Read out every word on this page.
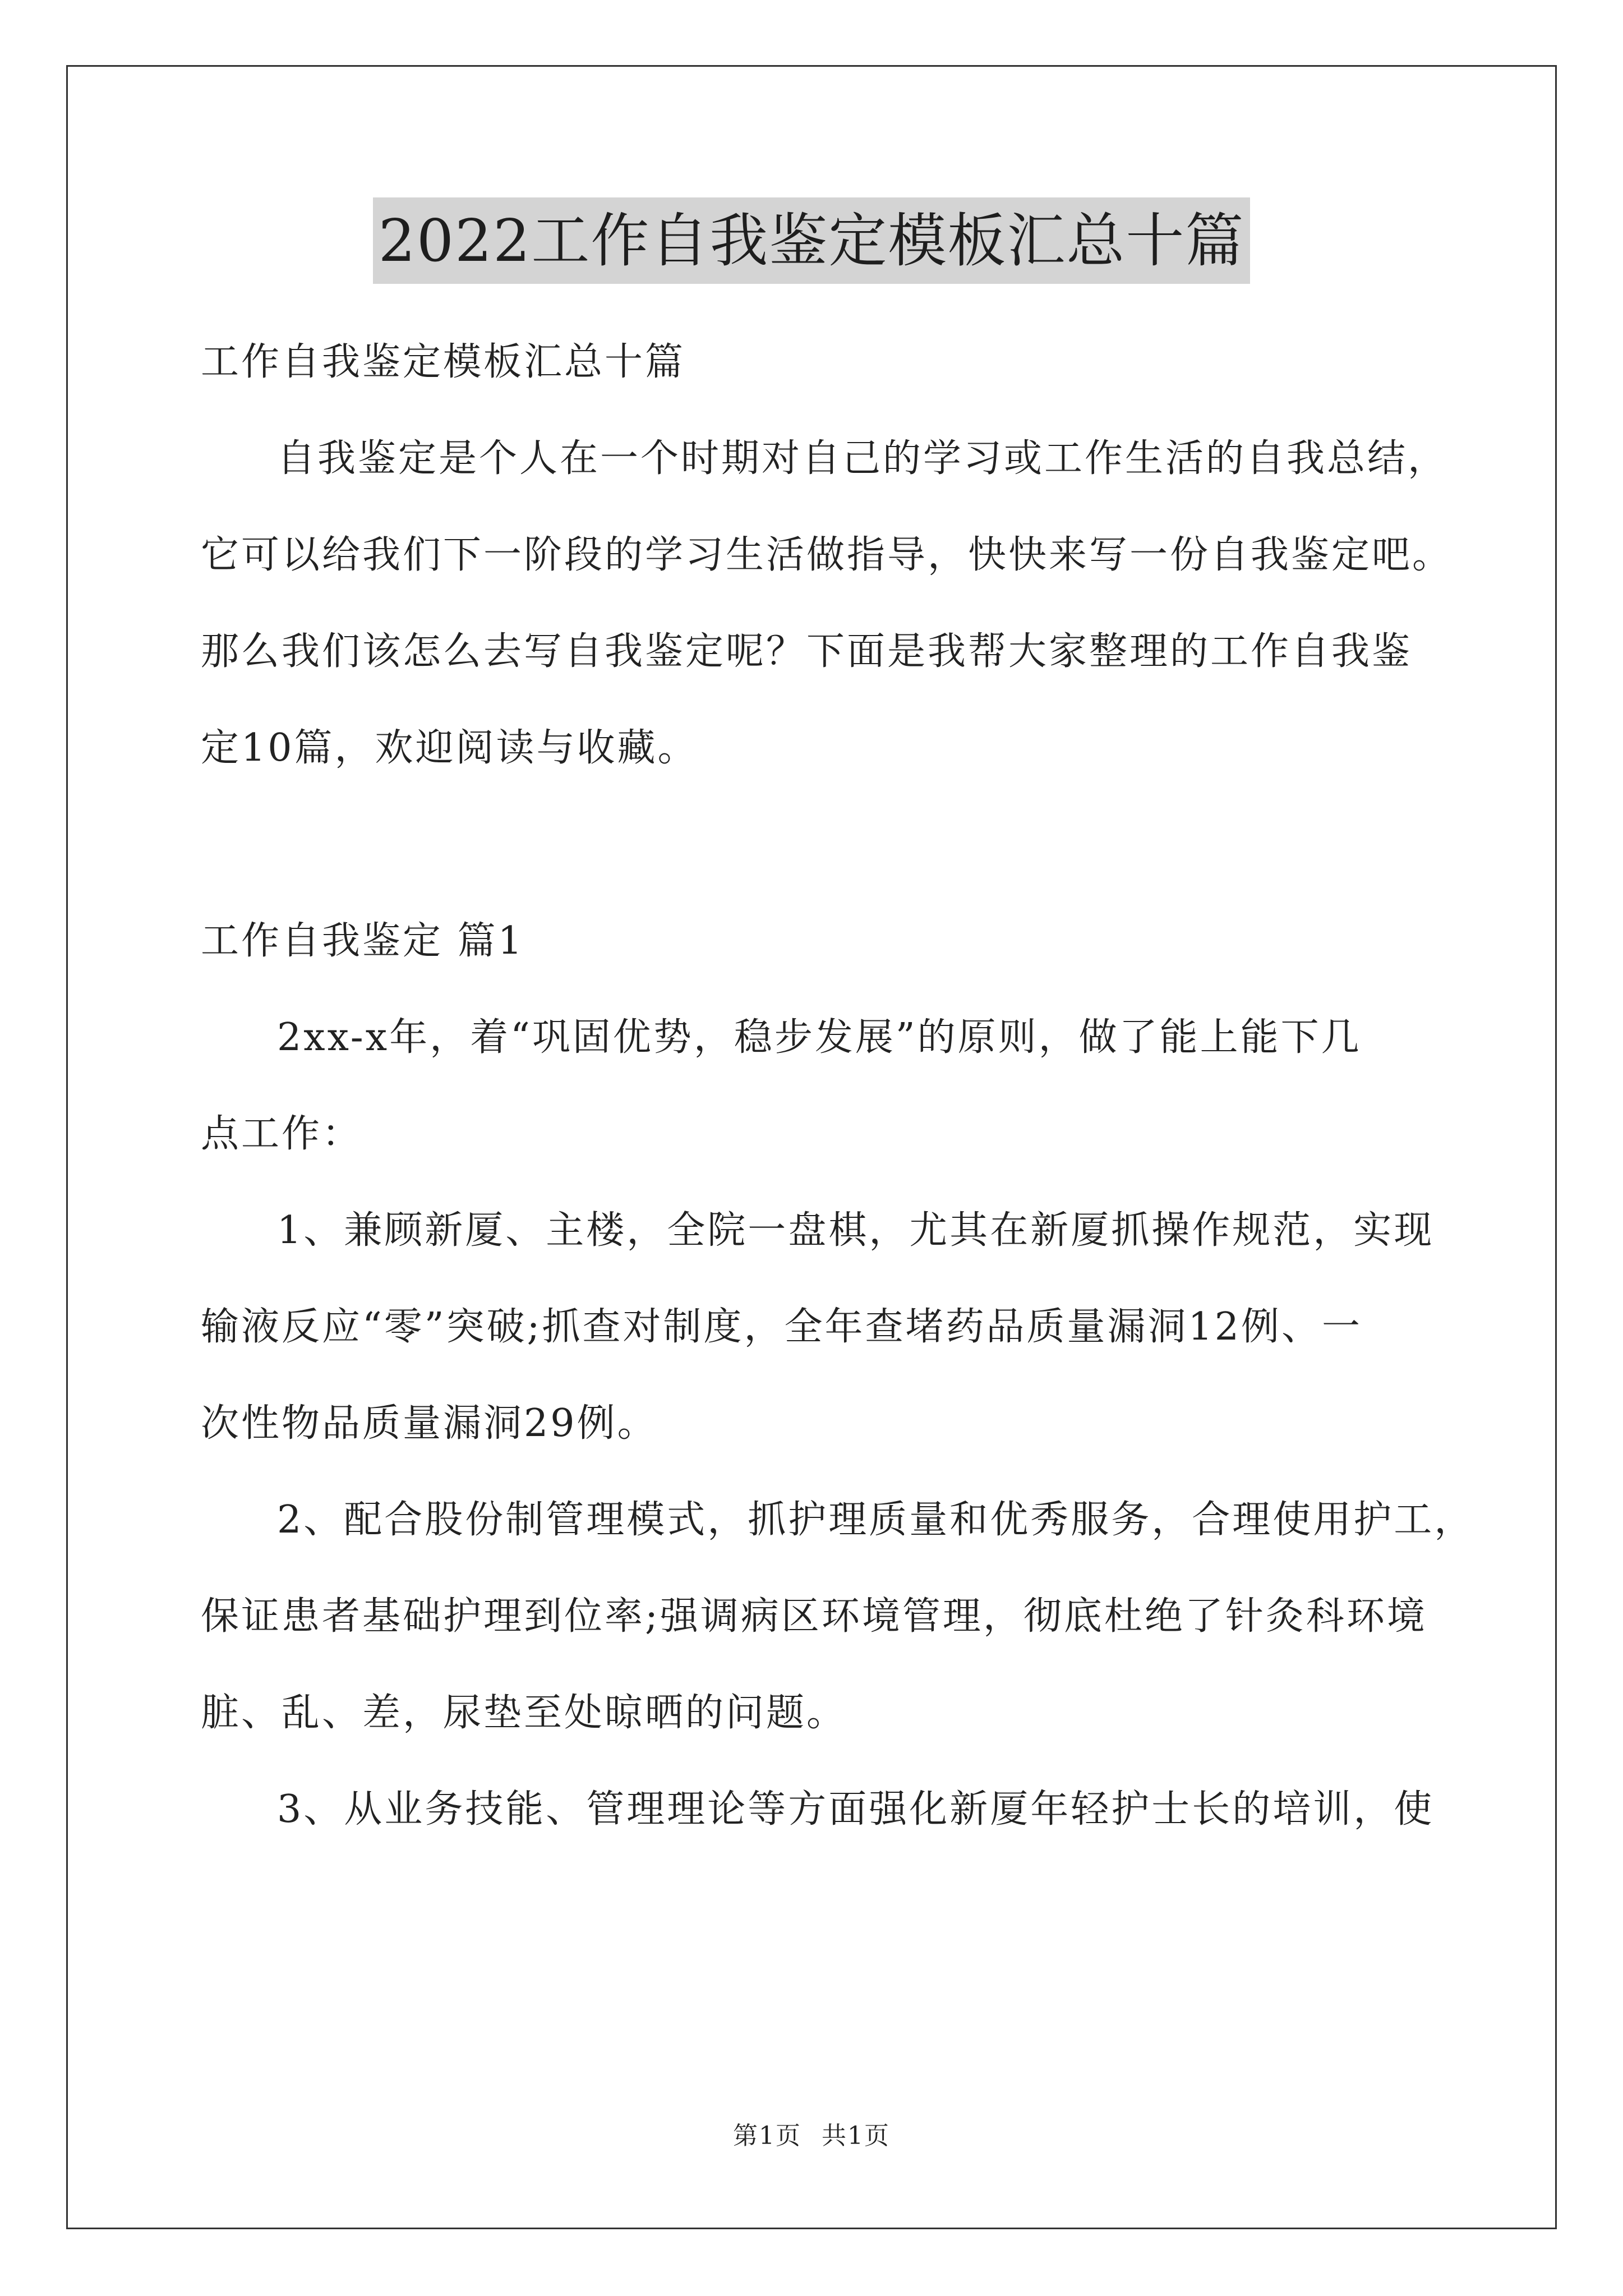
2022工作自我鉴定模板汇总十篇
工作自我鉴定模板汇总十篇
自我鉴定是个人在一个时期对自己的学习或工作生活的自我总结，
它可以给我们下一阶段的学习生活做指导，快快来写一份自我鉴定吧。
那么我们该怎么去写自我鉴定呢？下面是我帮大家整理的工作自我鉴
定10篇，欢迎阅读与收藏。
工作自我鉴定 篇1
2xx-x年，着“巩固优势，稳步发展”的原则，做了能上能下几
点工作：
1、兼顾新厦、主楼，全院一盘棋，尤其在新厦抓操作规范，实现
输液反应“零”突破;抓查对制度，全年查堵药品质量漏洞12例、一
次性物品质量漏洞29例。
2、配合股份制管理模式，抓护理质量和优秀服务，合理使用护工，
保证患者基础护理到位率;强调病区环境管理，彻底杜绝了针灸科环境
脏、乱、差，尿垫至处晾晒的问题。
3、从业务技能、管理理论等方面强化新厦年轻护士长的培训，使
第1页 共1页
